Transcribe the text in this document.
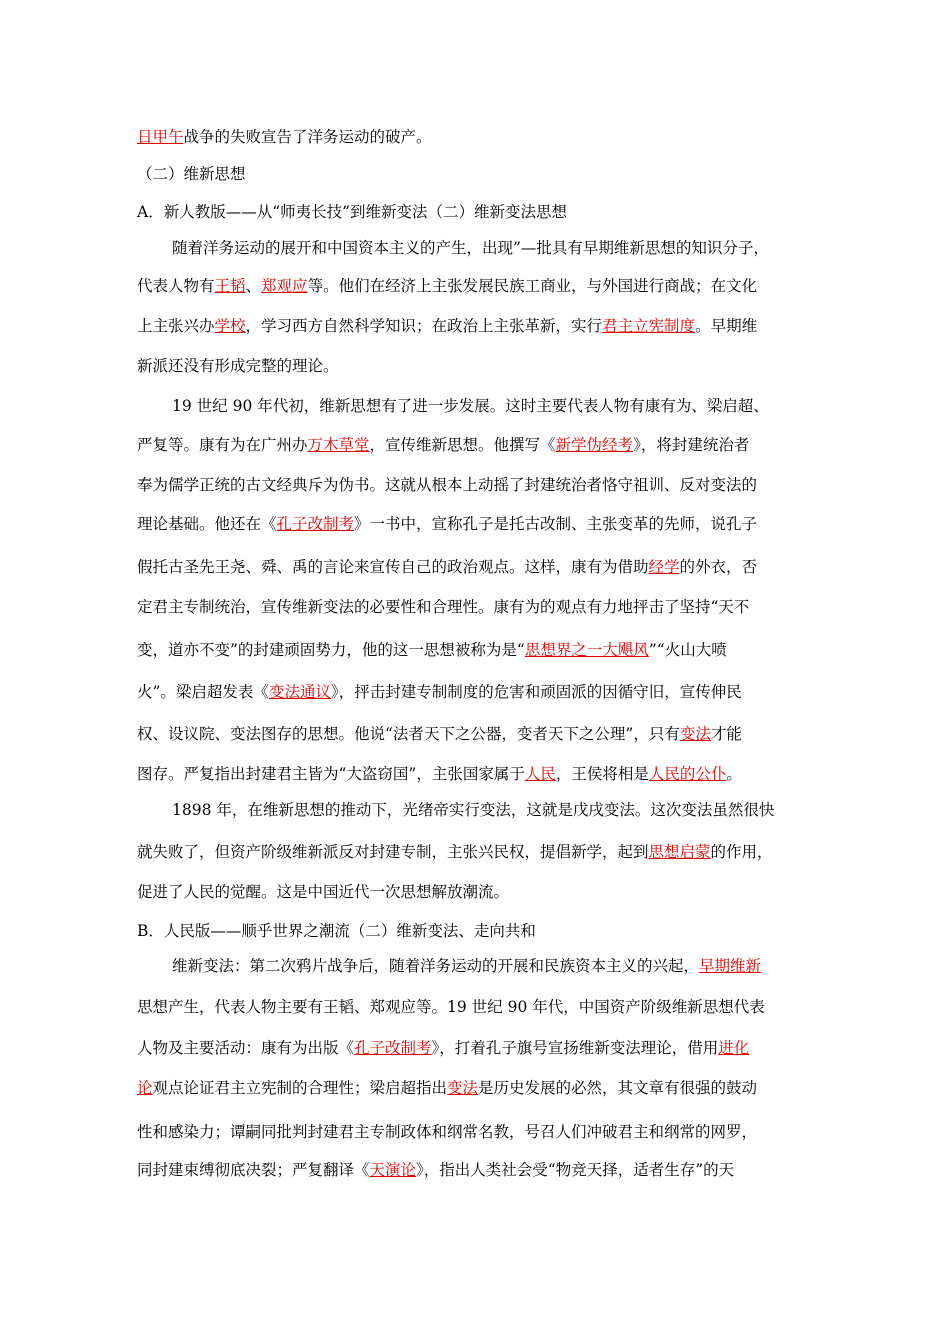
日甲午战争的失败宣告了洋务运动的破产。
（二）维新思想
A．新人教版——从“师夷长技”到维新变法（二）维新变法思想
随着洋务运动的展开和中国资本主义的产生，出现”—批具有早期维新思想的知识分子，
代表人物有王韬、郑观应等。他们在经济上主张发展民族工商业，与外国进行商战；在文化
上主张兴办学校，学习西方自然科学知识；在政治上主张革新，实行君主立宪制度。早期维
新派还没有形成完整的理论。
19 世纪 90 年代初，维新思想有了进一步发展。这时主要代表人物有康有为、梁启超、
严复等。康有为在广州办万木草堂，宣传维新思想。他撰写《新学伪经考》，将封建统治者
奉为儒学正统的古文经典斥为伪书。这就从根本上动摇了封建统治者恪守祖训、反对变法的
理论基础。他还在《孔子改制考》一书中，宣称孔子是托古改制、主张变革的先师，说孔子
假托古圣先王尧、舜、禹的言论来宣传自己的政治观点。这样，康有为借助经学的外衣，否
定君主专制统治，宣传维新变法的必要性和合理性。康有为的观点有力地抨击了坚持“天不
变，道亦不变”的封建顽固势力，他的这一思想被称为是“思想界之一大飓风”“火山大喷
火”。梁启超发表《变法通议》，抨击封建专制制度的危害和顽固派的因循守旧，宣传伸民
权、设议院、变法图存的思想。他说“法者天下之公器，变者天下之公理”，只有变法才能
图存。严复指出封建君主皆为“大盗窃国”，主张国家属于人民，王侯将相是人民的公仆。
1898 年，在维新思想的推动下，光绪帝实行变法，这就是戊戌变法。这次变法虽然很快
就失败了，但资产阶级维新派反对封建专制，主张兴民权，提倡新学，起到思想启蒙的作用，
促进了人民的觉醒。这是中国近代一次思想解放潮流。
B．人民版——顺乎世界之潮流（二）维新变法、走向共和
维新变法：第二次鸦片战争后，随着洋务运动的开展和民族资本主义的兴起，早期维新
思想产生，代表人物主要有王韬、郑观应等。19 世纪 90 年代，中国资产阶级维新思想代表
人物及主要活动：康有为出版《孔子改制考》，打着孔子旗号宣扬维新变法理论，借用进化
论观点论证君主立宪制的合理性；梁启超指出变法是历史发展的必然，其文章有很强的鼓动
性和感染力；谭嗣同批判封建君主专制政体和纲常名教，号召人们冲破君主和纲常的网罗，
同封建束缚彻底决裂；严复翻译《天演论》，指出人类社会受“物竞天择，适者生存”的天
